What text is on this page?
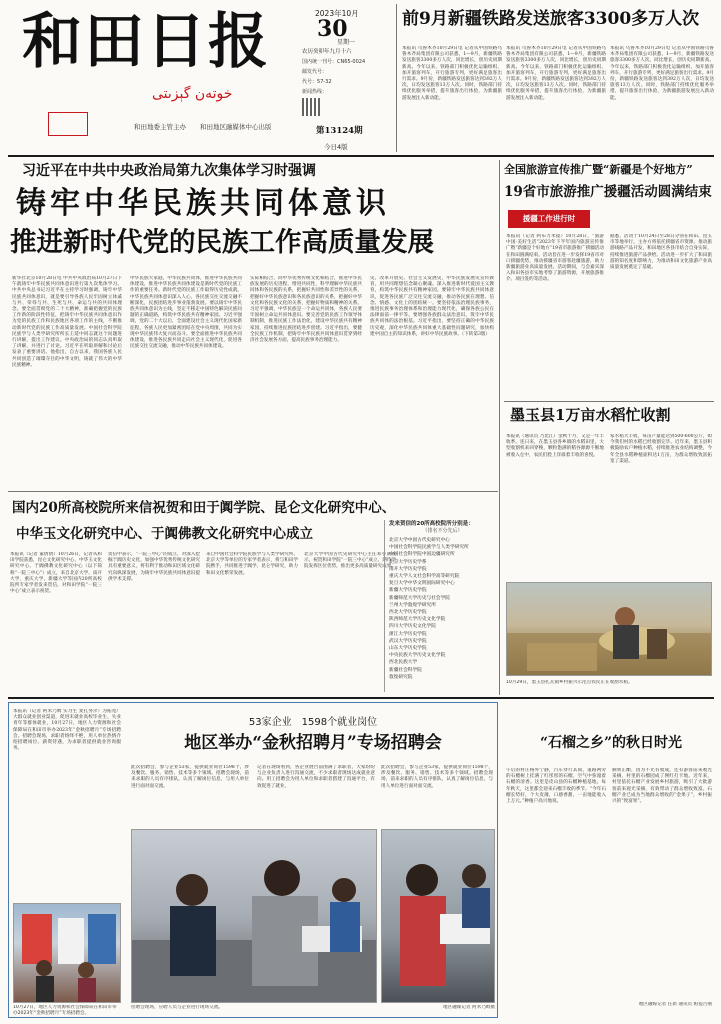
和田日报
خوتەن گېزىتى
和田地委主管主办 和田地区融媒体中心出版
2023年10月
30
星期一
农历癸卯年九月十六
国内统一刊号：CN65-0024
邮发代号：
代号：57-32
新闻热线：
第13124期
今日4版
前9月新疆铁路发送旅客3300多万人次
本报讯 乌鲁木齐10月29日电 记者从中国铁路乌鲁木齐局集团有限公司获悉，1—9月，新疆铁路发送旅客3300多万人次，同比增长，创历史同期新高。今年以来，铁路部门积极优化运输组织，加开旅客列车，开行旅游专列，更好满足旅客出行需求。9月份，新疆铁路发送旅客达到392万人次，日均发送旅客13万人次。同时，铁路部门持续优化服务举措，提升旅客出行体验，为新疆旅游发展注入新动能。
本报讯 乌鲁木齐10月29日电 记者从中国铁路乌鲁木齐局集团有限公司获悉，1—9月，新疆铁路发送旅客3300多万人次，同比增长，创历史同期新高。今年以来，铁路部门积极优化运输组织，加开旅客列车，开行旅游专列，更好满足旅客出行需求。9月份，新疆铁路发送旅客达到392万人次，日均发送旅客13万人次。同时，铁路部门持续优化服务举措，提升旅客出行体验，为新疆旅游发展注入新动能。
本报讯 乌鲁木齐10月29日电 记者从中国铁路乌鲁木齐局集团有限公司获悉，1—9月，新疆铁路发送旅客3300多万人次，同比增长，创历史同期新高。今年以来，铁路部门积极优化运输组织，加开旅客列车，开行旅游专列，更好满足旅客出行需求。9月份，新疆铁路发送旅客达到392万人次，日均发送旅客13万人次。同时，铁路部门持续优化服务举措，提升旅客出行体验，为新疆旅游发展注入新动能。
习近平在中共中央政治局第九次集体学习时强调
铸牢中华民族共同体意识
推进新时代党的民族工作高质量发展
新华社北京10月28日电 中共中央政治局10月27日下午就铸牢中华民族共同体意识进行第九次集体学习。中共中央总书记习近平在主持学习时强调，铸牢中华民族共同体意识，就是要引导各族人民牢固树立休戚与共、荣辱与共、生死与共、命运与共的共同体理念。要全面贯彻党的二十大精神，准确把握党的民族工作新的阶段性特征，把铸牢中华民族共同体意识作为党的民族工作和民族地区各项工作的主线，不断推动新时代党的民族工作高质量发展。中国社会科学院民族学与人类学研究所所长王延中同志就这个问题进行讲解，提出工作建议。中央政治局的同志认真听取了讲解，并进行了讨论。习近平在听取讲解和讨论后发表了重要讲话。他指出，自古以来，我国各族人民共同创造了璀璨夺目的中华文明，铸就了伟大的中华民族精神。
中华民族大家庭。中华民族共同体，推进中华民族共同体建设，推进中华民族共同体建设是新时代党的民族工作的重要任务。新时代党的民族工作取得历史性成就，中华民族共同体意识深入人心，各民族交往交流交融不断深化，民族团结进步事业蓬勃发展。要以铸牢中华民族共同体意识为主线，坚定不移走中国特色解决民族问题的正确道路，构筑中华民族共有精神家园。习近平强调，党的二十大以后，全面建设社会主义现代化国家新征程，各族人民更加紧密团结在党中央周围，共同为实现中华民族伟大复兴而奋斗。要全面推进中华民族共同体建设，推进各民族共同走向社会主义现代化，促进各民族交往交流交融，推动中华民族共同体建设。
实际相结合，同中华优秀传统文化相结合，推进中华民族发展的历史进程，增进共同性，科学理解中华民族共同体和各民族的关系，把握好共同性和差异性的关系，把握好中华民族意识和各民族意识的关系，把握好中华文化和各民族文化的关系，把握好物质和精神的关系。习近平强调，中华民族是一个命运共同体，各族人民要牢固树立命运共同体意识。要完善党的民族工作领导体制机制，推进民族工作法治化，建设中华民族共有精神家园，持续推进民族团结进步创建。习近平指出，要健全民族工作机制，把铸牢中华民族共同体意识贯穿到经济社会发展各方面，提高民族事务治理能力。
史、改革开放史、社会主义发展史、中华民族发展史宣传教育，用共同理想信念凝心聚魂。深入推进新时代爱国主义教育，构筑中华民族共有精神家园。要铸牢中华民族共同体意识，促进各民族广泛交往交流交融，推动各民族在理想、信念、情感、文化上的团结统一。要坚持依法治理民族事务，推进民族事务治理体系和治理能力现代化，确保各族公民在法律面前一律平等。要增强各族群众法治意识，筑牢中华民族共同体的法治根基。习近平指出，要坚持正确的中华民族历史观，深化中华民族共同体重大基础性问题研究，加快构建中国自主的知识体系，讲好中华民族故事。（下转第3版）
全国旅游宣传推广暨“新疆是个好地方”
19省市旅游推广援疆活动圆满结束
援疆工作进行时
本报讯（记者 阿布力米提）10月28日，“旅游中国·美好生活”2023年下半年国内旅游宣传推广暨“新疆是个好地方”19省市旅游推广援疆活动在和田圆满结束。活动旨在进一步发挥19省市对口援疆优势，推动援疆省市游客赴疆旅游，助力新疆旅游业高质量发展。活动期间，与会嘉宾深入和田各县市实地考察了旅游资源，开展旅游推介、项目签约等活动。
据悉，活动于10月24日至28日分别在和田、昆玉市等地举行，主办方将依托援疆省市资源，推动旅游线路产品开发，和田地区各县市结合自身实际，持续推进旅游产品供给。活动进一步扩大了和田旅游的知名度和影响力，为推动和田文化旅游产业高质量发展奠定了基础。
墨玉县1万亩水稻忙收割
本报讯（通讯员 乃比江）金秋十月，又是一年丰收季。连日来，在墨玉县各乡镇的水稻田里，大型收割机来回穿梭，颗粒饱满的稻谷源源不断地被收入仓中，农民们脸上洋溢着丰收的喜悦。
家水稻大丰收，每亩产量能达到500-600公斤，如今我们村的水稻已经收割完毕。近年来，墨玉县积极鼓励农户种植水稻，持续推进农业结构调整，今年全县水稻种植面积达1万亩，为群众增收致富拓宽了渠道。
10月29日，墨玉县扎瓦镇乡村振兴示范点农民正在收割水稻。
国内20所高校院所来信祝贺和田于阗学院、昆仑文化研究中心、
中华玉文化研究中心、于阗佛教文化研究中心成立
本报讯（记者 董倩倩）10月26日，记者从和田学院获悉，昆仑文化研究中心、中华玉文化研究中心、于阗佛教文化研究中心（以下简称“一院三中心”）成立，来自北京大学、南开大学、重庆大学、新疆大学等国内20所高校院所专家学者发来贺信，对和田学院“一院三中心”成立表示祝贺。
贺信中表示，“一院三中心”的成立，对深入挖掘于阗历史文化，加强中华优秀传统文化研究具有重要意义，将有利于推动和田区域文化研究向纵深发展，为铸牢中华民族共同体意识提供学术支撑。
来自中国社会科学院民族学与人类学研究所、北京大学等单位的专家学者表示，将与和田学院携手，共同推进于阗学、昆仑学研究，助力和田文化繁荣发展。
北京大学中国古代史研究中心主任邓小南表示，祝贺和田学院“一院三中心”成立，期待学院发挥区位优势，推出更多高质量研究成果。
发来贺信的20所高校院所分别是：
（排名不分先后）
北京大学中国古代史研究中心
中国社会科学院民族学与人类学研究所
中国社会科学院中国边疆研究所
北京大学历史学系
南开大学历史学院
重庆大学人文社会科学高等研究院
复旦大学中华文明国际研究中心
新疆大学历史学院
新疆师范大学历史与社会学院
兰州大学敦煌学研究所
西北大学历史学院
陕西师范大学历史文化学院
四川大学历史文化学院
浙江大学历史学院
武汉大学历史学院
山东大学历史学院
中央民族大学历史文化学院
西北民族大学
新疆社会科学院
敦煌研究院
本报讯（记者 阿米乃姆 实习生 麦孔努尔）为拓宽广大群众就业创业渠道，促进未就业高校毕业生、失业青年等群体就业，10月27日，地区人力资源和社会保障局在和田市举办2023年“金秋招聘月”专场招聘会。招聘会现场，求职者络绎不绝，用人单位热情介绍招聘岗位、薪资待遇，为求职者提供就业咨询服务。
53家企业　1598个就业岗位
地区举办“金秋招聘月”专场招聘会
此次招聘会，参与企业53家，提供就业岗位1598个，涉及餐饮、服务、销售、技术等多个领域。招聘会现场，前来求职的人员有序排队，认真了解岗位信息，与用人单位进行面对面交流。
记者在现场看到，各企业展台前围满了求职者，大家纷纷与企业负责人进行沟通交流，不少求职者现场达成就业意向。用工招聘会为用人单位和求职者搭建了沟通平台，有效促进了就业。
此次招聘会，参与企业53家，提供就业岗位1598个，涉及餐饮、服务、销售、技术等多个领域。招聘会现场，前来求职的人员有序排队，认真了解岗位信息，与用人单位进行面对面交流。
10月27日，地区人力资源和社会保障局在和田市举办2023年“金秋招聘月”专场招聘会。
招聘会现场，应聘人员与企业进行现场交流。	地区融媒记者 阿米乃姆摄
“石榴之乡”的秋日时光
午后的村庄格外宁静，汽车穿行其间，道路两旁的石榴树上挂满了红彤彤的石榴，空气中弥漫着石榴的清香。这里是皮山县的石榴种植基地，每年秋天，这里都会迎来石榴丰收的季节。“今年石榴长势好，个大皮薄，口感香甜，一亩地能收入上万元。”种植户高兴地说。
摘果正酣，因为不光有收成，还有游客前来观光采摘，村里的石榴园成了网红打卡地。近年来，村里依托石榴产业发展乡村旅游，吸引了大批游客前来观光采摘，有效带动了群众增收致富。石榴产业已成为当地群众增收的“金果子”，乡村振兴的“致富果”。
地区融媒记者 任新 通讯员 帕提古丽
